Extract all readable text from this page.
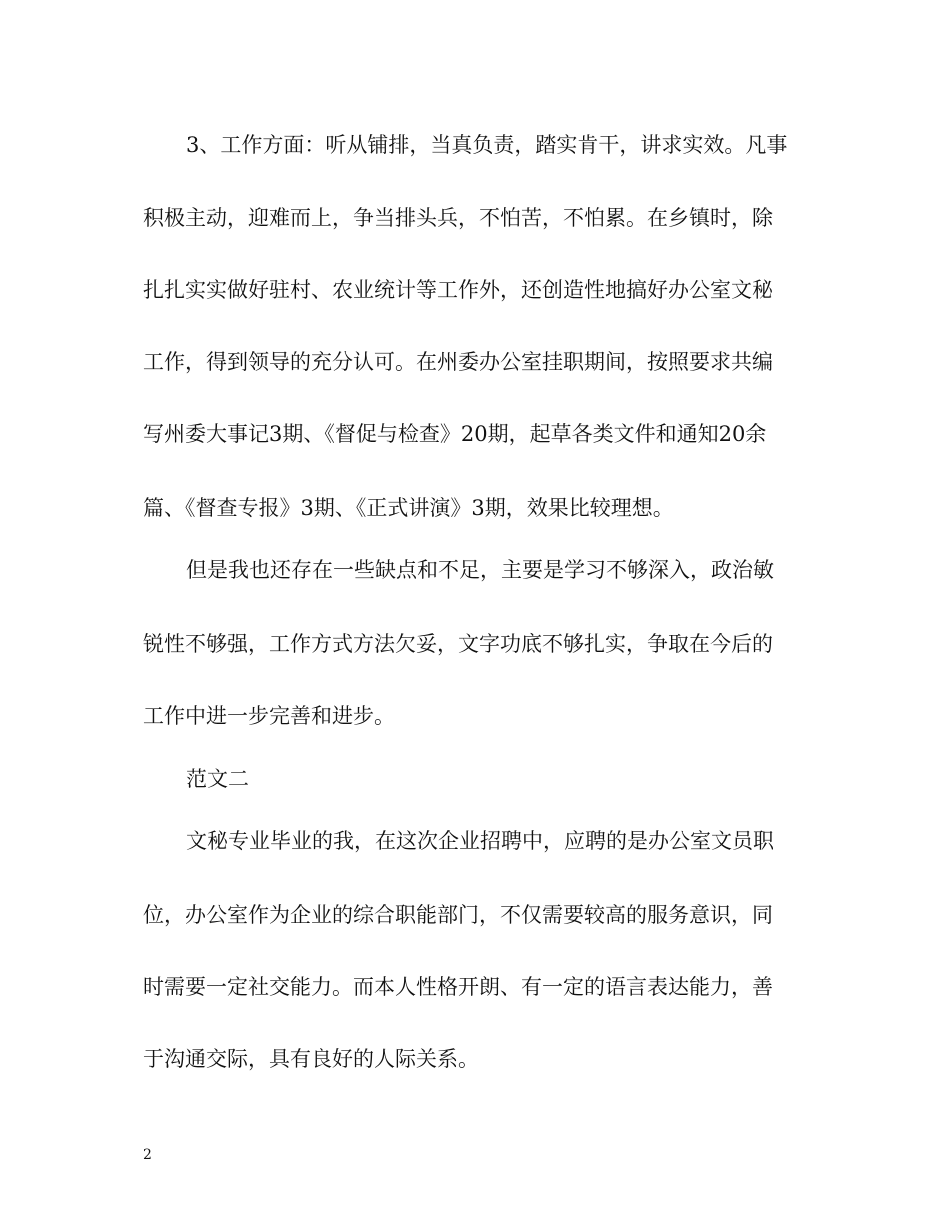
3、工作方面：听从铺排，当真负责，踏实肯干，讲求实效。凡事
积极主动，迎难而上，争当排头兵，不怕苦，不怕累。在乡镇时，除
扎扎实实做好驻村、农业统计等工作外，还创造性地搞好办公室文秘
工作，得到领导的充分认可。在州委办公室挂职期间，按照要求共编
写州委大事记3期、《督促与检查》20期，起草各类文件和通知20余
篇、《督查专报》3期、《正式讲演》3期，效果比较理想。
但是我也还存在一些缺点和不足，主要是学习不够深入，政治敏
锐性不够强，工作方式方法欠妥，文字功底不够扎实，争取在今后的
工作中进一步完善和进步。
范文二
文秘专业毕业的我，在这次企业招聘中，应聘的是办公室文员职
位，办公室作为企业的综合职能部门，不仅需要较高的服务意识，同
时需要一定社交能力。而本人性格开朗、有一定的语言表达能力，善
于沟通交际，具有良好的人际关系。
2
